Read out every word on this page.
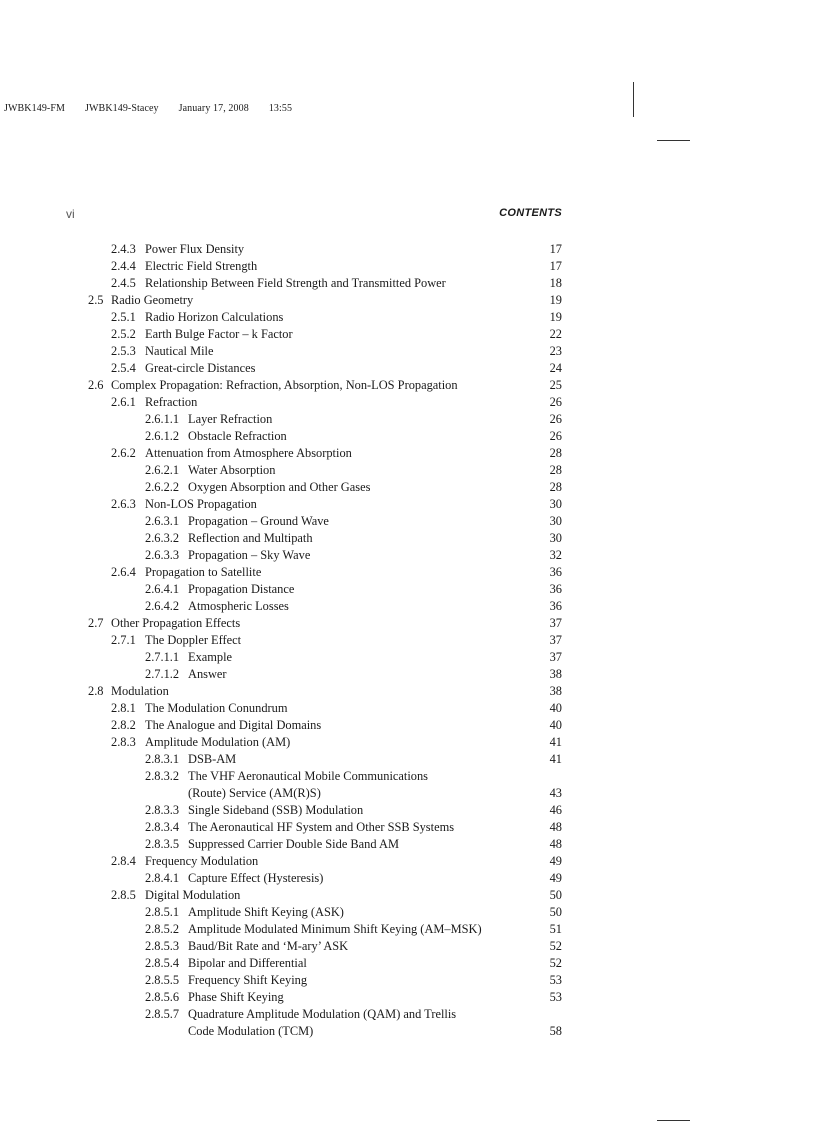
JWBK149-FM JWBK149-Stacey January 17, 2008 13:55
vi	CONTENTS
2.4.3 Power Flux Density	17
2.4.4 Electric Field Strength	17
2.4.5 Relationship Between Field Strength and Transmitted Power	18
2.5 Radio Geometry	19
2.5.1 Radio Horizon Calculations	19
2.5.2 Earth Bulge Factor – k Factor	22
2.5.3 Nautical Mile	23
2.5.4 Great-circle Distances	24
2.6 Complex Propagation: Refraction, Absorption, Non-LOS Propagation	25
2.6.1 Refraction	26
2.6.1.1 Layer Refraction	26
2.6.1.2 Obstacle Refraction	26
2.6.2 Attenuation from Atmosphere Absorption	28
2.6.2.1 Water Absorption	28
2.6.2.2 Oxygen Absorption and Other Gases	28
2.6.3 Non-LOS Propagation	30
2.6.3.1 Propagation – Ground Wave	30
2.6.3.2 Reflection and Multipath	30
2.6.3.3 Propagation – Sky Wave	32
2.6.4 Propagation to Satellite	36
2.6.4.1 Propagation Distance	36
2.6.4.2 Atmospheric Losses	36
2.7 Other Propagation Effects	37
2.7.1 The Doppler Effect	37
2.7.1.1 Example	37
2.7.1.2 Answer	38
2.8 Modulation	38
2.8.1 The Modulation Conundrum	40
2.8.2 The Analogue and Digital Domains	40
2.8.3 Amplitude Modulation (AM)	41
2.8.3.1 DSB-AM	41
2.8.3.2 The VHF Aeronautical Mobile Communications
(Route) Service (AM(R)S)	43
2.8.3.3 Single Sideband (SSB) Modulation	46
2.8.3.4 The Aeronautical HF System and Other SSB Systems	48
2.8.3.5 Suppressed Carrier Double Side Band AM	48
2.8.4 Frequency Modulation	49
2.8.4.1 Capture Effect (Hysteresis)	49
2.8.5 Digital Modulation	50
2.8.5.1 Amplitude Shift Keying (ASK)	50
2.8.5.2 Amplitude Modulated Minimum Shift Keying (AM–MSK)	51
2.8.5.3 Baud/Bit Rate and ‘M-ary’ ASK	52
2.8.5.4 Bipolar and Differential	52
2.8.5.5 Frequency Shift Keying	53
2.8.5.6 Phase Shift Keying	53
2.8.5.7 Quadrature Amplitude Modulation (QAM) and Trellis
Code Modulation (TCM)	58
